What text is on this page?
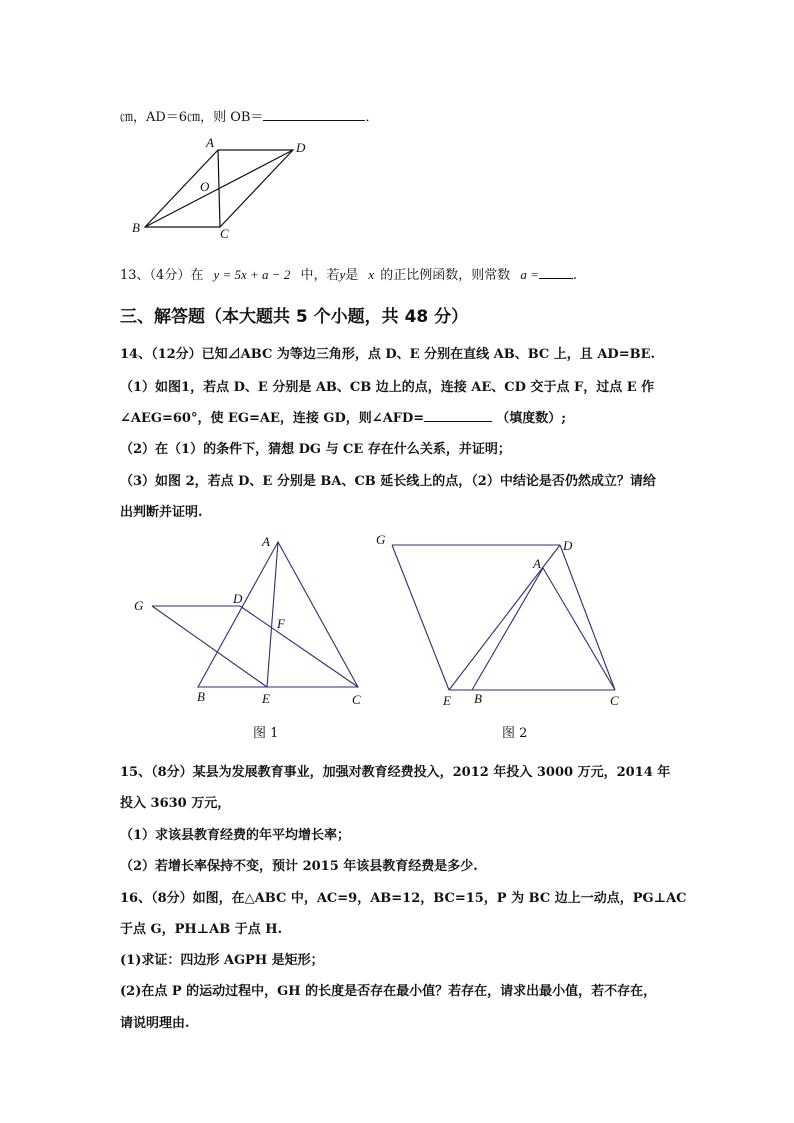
㎝，AD＝6㎝，则 OB＝	．
A	D
O
B	C
13、（4分）在 y = 5x + a − 2 中，若y是 x 的正比例函数，则常数 a =	.
三、解答题（本大题共 5 个小题，共 48 分）
14、（12分）已知⊿ABC 为等边三角形，点 D、E 分别在直线 AB、BC 上，且 AD=BE.
（1）如图1，若点 D、E 分别是 AB、CB 边上的点，连接 AE、CD 交于点 F，过点 E 作
∠AEG=60°，使 EG=AE，连接 GD，则∠AFD=	（填度数）;
（2）在（1）的条件下，猜想 DG 与 CE 存在什么关系，并证明；
（3）如图 2，若点 D、E 分别是 BA、CB 延长线上的点，（2）中结论是否仍然成立？请给
出判断并证明.
A
G	D
F
B	E	C
图 1
G	D
A
E B	C
图 2
15、（8分）某县为发展教育事业，加强对教育经费投入，2012 年投入 3000 万元，2014 年
投入 3630 万元，
（1）求该县教育经费的年平均增长率；
（2）若增长率保持不变，预计 2015 年该县教育经费是多少.
16、（8分）如图，在△ABC 中，AC=9，AB=12，BC=15，P 为 BC 边上一动点，PG⊥AC
于点 G，PH⊥AB 于点 H.
(1)求证：四边形 AGPH 是矩形；
(2)在点 P 的运动过程中，GH 的长度是否存在最小值？若存在，请求出最小值，若不存在，
请说明理由.
